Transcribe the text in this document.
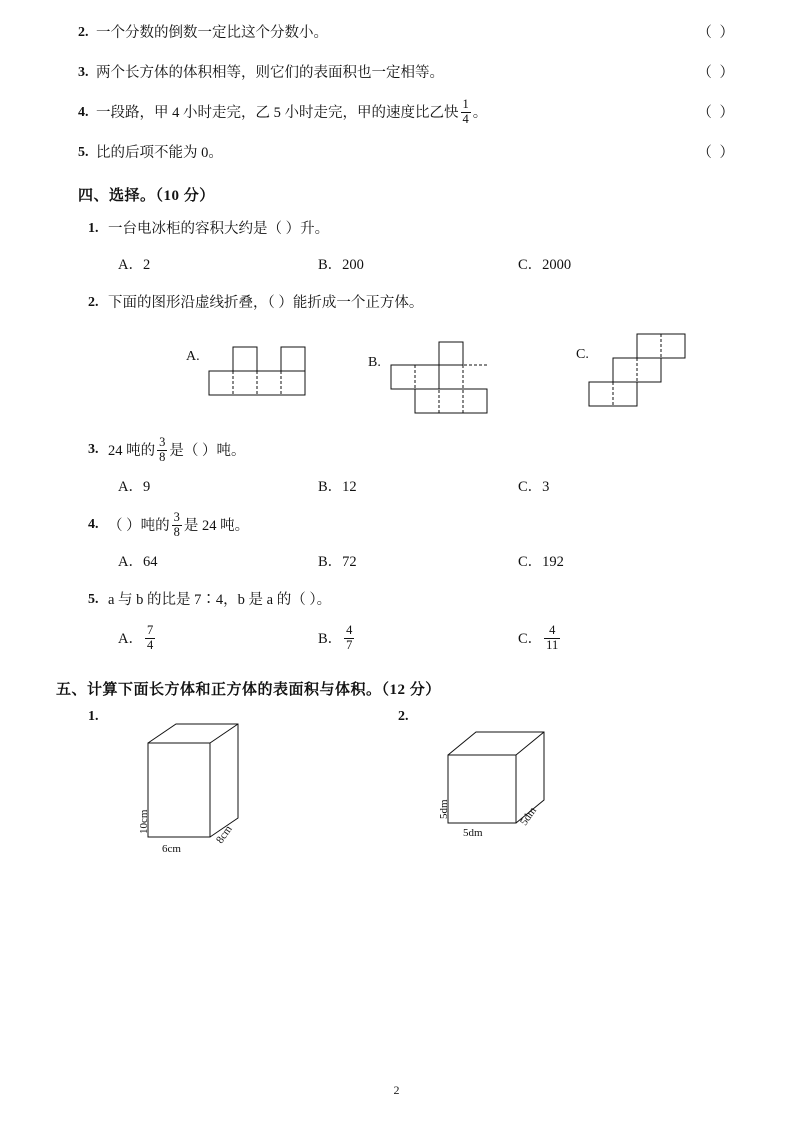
2. 一个分数的倒数一定比这个分数小。	（ ）
3. 两个长方体的体积相等，则它们的表面积也一定相等。	（ ）
4. 一段路，甲 4 小时走完，乙 5 小时走完，甲的速度比乙快 $\frac{1}{4}$ 。	（ ）
5. 比的后项不能为 0。	（ ）
四、选择。（10 分）
1. 一台电冰柜的容积大约是（ ）升。
A．2	B．200	C．2000
2. 下面的图形沿虚线折叠，（ ）能折成一个正方体。
A.	B.
C.
3. 24 吨的 $\frac{3}{8}$ 是（ ）吨。
A．9	B．12	C．3
4. （ ）吨的 $\frac{3}{8}$ 是 24 吨。
A．64	B．72	C．192
5. a 与 b 的比是 7∶4，b 是 a 的（ ）。
A． $\frac{7}{4}$	B． $\frac{4}{7}$	C． $\frac{4}{11}$
五、计算下面长方体和正方体的表面积与体积。（12 分）
1.
10cm
6cm
8cm
2.
5dm
5dm
5dm
2
